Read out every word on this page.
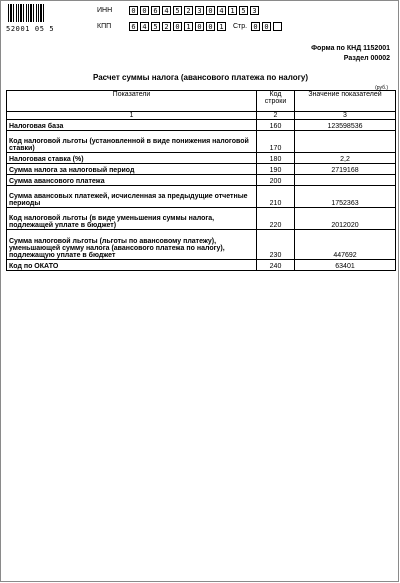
52001 05 5
ИНН	0 0 6 4 5 2 3 0 4 1 5 3
КПП	6 4 5 2 0 1 0 0 1	Стр. 0 0
Форма по КНД 1152001
Раздел 00002
Расчет суммы налога (авансового платежа по налогу)
(руб.)
Показатели	Код строки	Значение показателей
1	2	3
Налоговая база	160	123598536
Код налоговой льготы (установленной в виде понижения налоговой ставки)	170	
Налоговая ставка (%)	180	2,2
Сумма налога за налоговый период	190	2719168
Сумма авансового платежа	200	
Сумма авансовых платежей, исчисленная за предыдущие отчетные периоды	210	1752363
Код налоговой льготы (в виде уменьшения суммы налога, подлежащей уплате в бюджет)	220	2012020
Сумма налоговой льготы (льготы по авансовому платежу), уменьшающей сумму налога (авансового платежа по налогу), подлежащую уплате в бюджет	230	447692
Код по ОКАТО	240	63401
